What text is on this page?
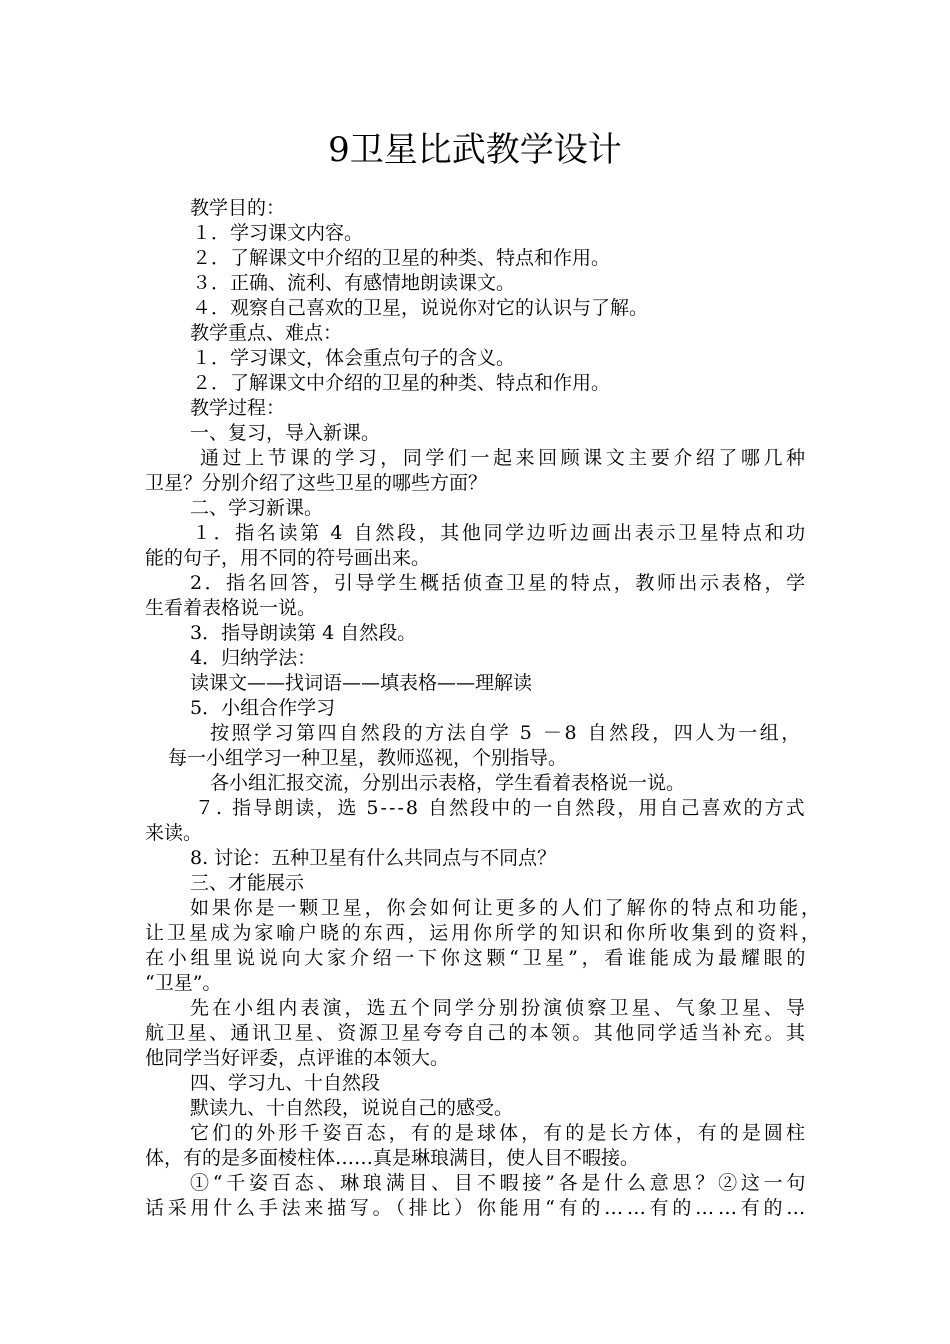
9卫星比武教学设计
教学目的：
１．学习课文内容。
２．了解课文中介绍的卫星的种类、特点和作用。
３．正确、流利、有感情地朗读课文。
４．观察自己喜欢的卫星，说说你对它的认识与了解。
教学重点、难点：
１．学习课文，体会重点句子的含义。
２．了解课文中介绍的卫星的种类、特点和作用。
教学过程：
一、复习，导入新课。
通过上节课的学习，同学们一起来回顾课文主要介绍了哪几种
卫星？分别介绍了这些卫星的哪些方面？
二、学习新课。
１．指名读第 4 自然段，其他同学边听边画出表示卫星特点和功
能的句子，用不同的符号画出来。
2．指名回答，引导学生概括侦查卫星的特点，教师出示表格，学
生看着表格说一说。
3．指导朗读第 4 自然段。
4．归纳学法：
读课文——找词语——填表格——理解读
5．小组合作学习
按照学习第四自然段的方法自学 5 －8 自然段，四人为一组，
每一小组学习一种卫星，教师巡视，个别指导。
各小组汇报交流，分别出示表格，学生看着表格说一说。
７. 指导朗读，选 5---8 自然段中的一自然段，用自己喜欢的方式
来读。
8. 讨论：五种卫星有什么共同点与不同点？
三、才能展示
如果你是一颗卫星，你会如何让更多的人们了解你的特点和功能，
让卫星成为家喻户晓的东西，运用你所学的知识和你所收集到的资料，
在小组里说说向大家介绍一下你这颗“卫星”，看谁能成为最耀眼的
“卫星”。
先在小组内表演，选五个同学分别扮演侦察卫星、气象卫星、导
航卫星、通讯卫星、资源卫星夸夸自己的本领。其他同学适当补充。其
他同学当好评委，点评谁的本领大。
四、学习九、十自然段
默读九、十自然段，说说自己的感受。
它们的外形千姿百态，有的是球体，有的是长方体，有的是圆柱
体，有的是多面棱柱体……真是琳琅满目，使人目不暇接。
①“千姿百态、琳琅满目、目不暇接”各是什么意思？②这一句
话采用什么手法来描写。（排比）你能用“有的……有的……有的…
